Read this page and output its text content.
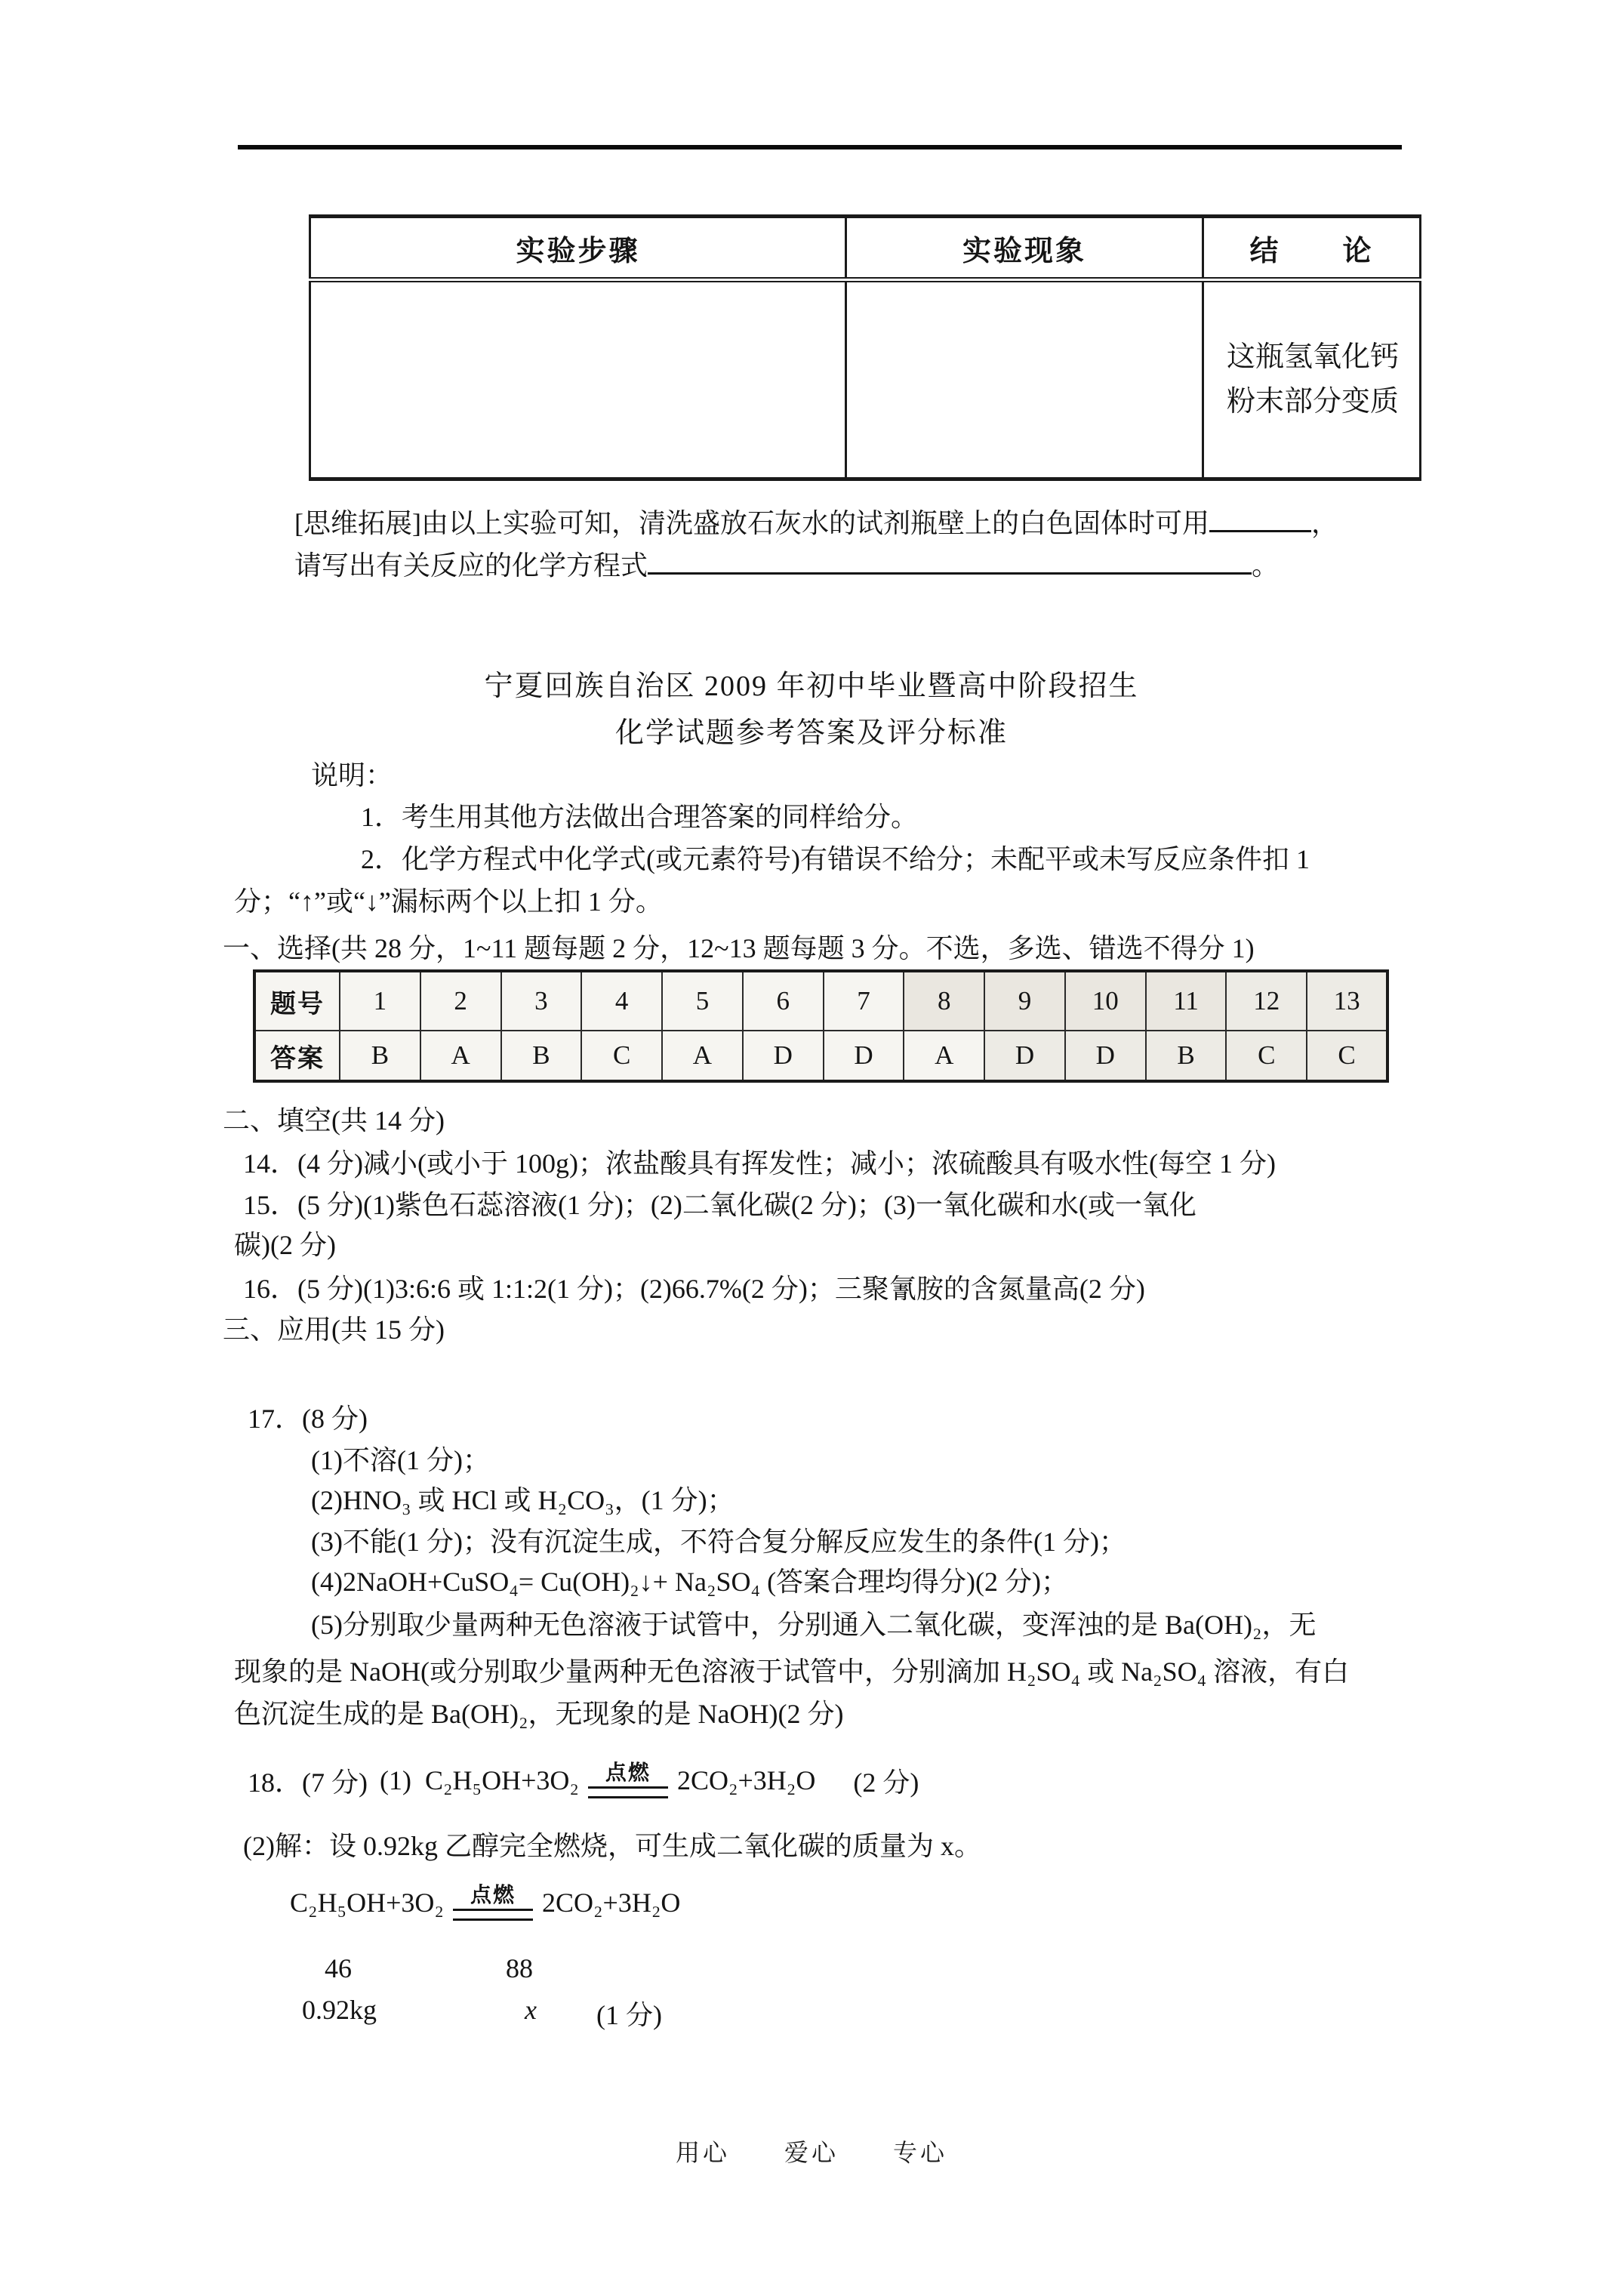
实验步骤	实验现象	结　　论

		这瓶氢氧化钙
粉末部分变质
[思维拓展]由以上实验可知，清洗盛放石灰水的试剂瓶壁上的白色固体时可用	，
请写出有关反应的化学方程式	。
宁夏回族自治区 2009 年初中毕业暨高中阶段招生
化学试题参考答案及评分标准
说明：
1．考生用其他方法做出合理答案的同样给分。
2．化学方程式中化学式(或元素符号)有错误不给分；未配平或未写反应条件扣 1
分；“↑”或“↓”漏标两个以上扣 1 分。
一、选择(共 28 分，1~11 题每题 2 分，12~13 题每题 3 分。不选，多选、错选不得分 1)
题号	1	2	3	4	5	6	7	8	9	10	11	12	13
答案	B	A	B	C	A	D	D	A	D	D	B	C	C
二、填空(共 14 分)
14．(4 分)减小(或小于 100g)；浓盐酸具有挥发性；减小；浓硫酸具有吸水性(每空 1 分)
15．(5 分)(1)紫色石蕊溶液(1 分)；(2)二氧化碳(2 分)；(3)一氧化碳和水(或一氧化
碳)(2 分)
16．(5 分)(1)3:6:6 或 1:1:2(1 分)；(2)66.7%(2 分)；三聚氰胺的含氮量高(2 分)
三、应用(共 15 分)
17．(8 分)
(1)不溶(1 分)；
(2)HNO₃ 或 HCl 或 H₂CO₃，(1 分)；
(3)不能(1 分)；没有沉淀生成，不符合复分解反应发生的条件(1 分)；
(4)2NaOH+CuSO₄= Cu(OH)₂↓+ Na₂SO₄ (答案合理均得分)(2 分)；
(5)分别取少量两种无色溶液于试管中，分别通入二氧化碳，变浑浊的是 Ba(OH)₂，无
现象的是 NaOH(或分别取少量两种无色溶液于试管中，分别滴加 H₂SO₄ 或 Na₂SO₄ 溶液，有白
色沉淀生成的是 Ba(OH)₂，无现象的是 NaOH)(2 分)
18．(7 分) (1) C₂H₅OH+3O₂ 点燃 2CO₂+3H₂O (2 分)
(2)解：设 0.92kg 乙醇完全燃烧，可生成二氧化碳的质量为 x。
C₂H₅OH+3O₂ 点燃 2CO₂+3H₂O
46	88
0.92kg	x (1 分)
用心 爱心 专心
